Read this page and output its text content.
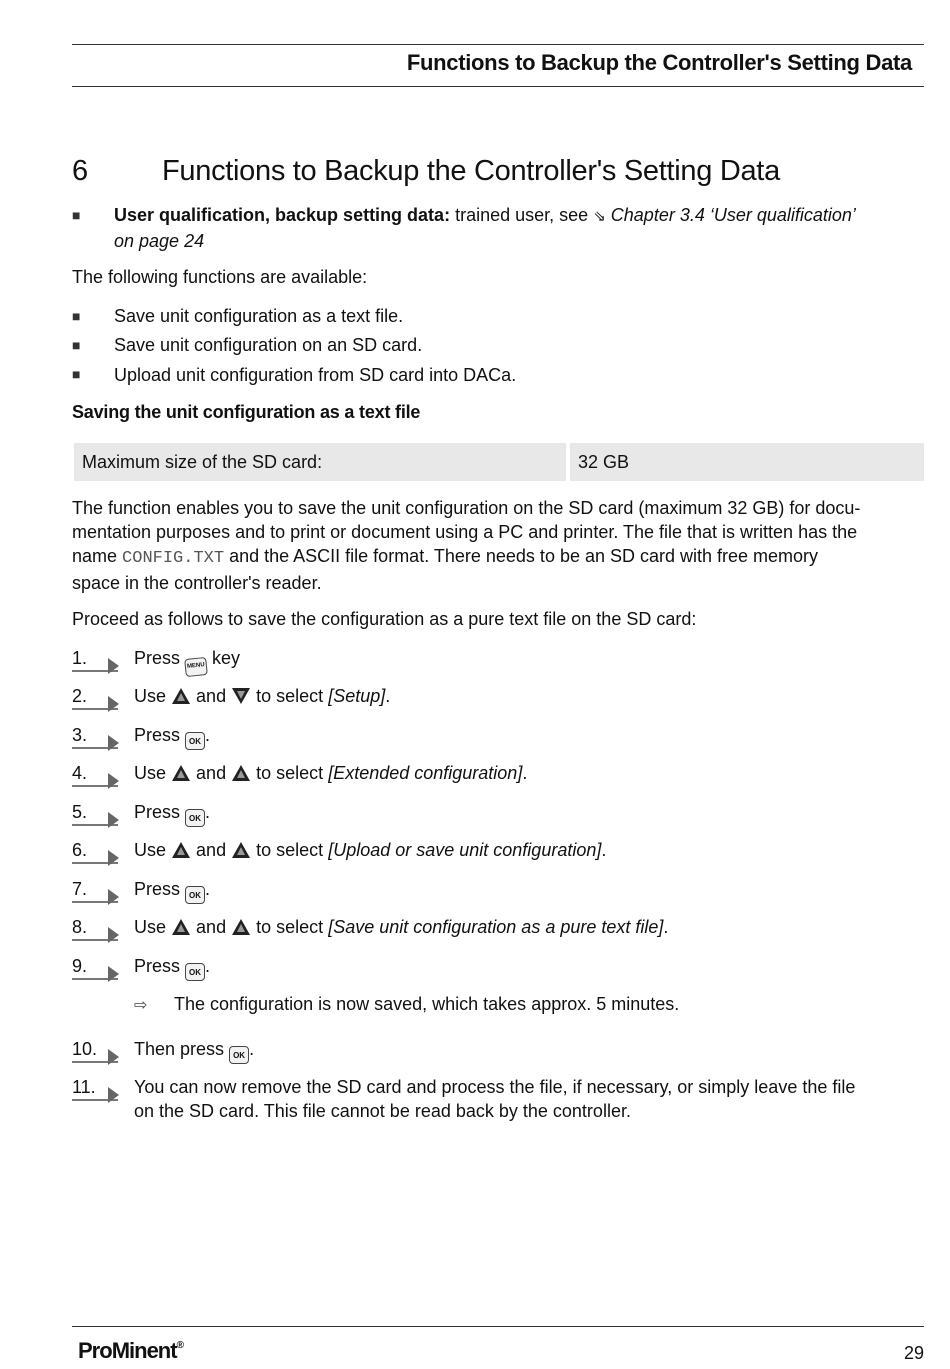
Functions to Backup the Controller's Setting Data
6	Functions to Backup the Controller's Setting Data
■ User qualification, backup setting data: trained user, see ⇘ Chapter 3.4 ‘User qualification’
on page 24
The following functions are available:
■ Save unit configuration as a text file.
■ Save unit configuration on an SD card.
■ Upload unit configuration from SD card into DACa.
Saving the unit configuration as a text file
Maximum size of the SD card:	32 GB
The function enables you to save the unit configuration on the SD card (maximum 32 GB) for docu-
mentation purposes and to print or document using a PC and printer. The file that is written has the
name CONFIG.TXT and the ASCII file format. There needs to be an SD card with free memory
space in the controller's reader.
Proceed as follows to save the configuration as a pure text file on the SD card:
1.	Press MENU key
2.	Use and to select [Setup].
3.	Press OK .
4.	Use and to select [Extended configuration].
5.	Press OK .
6.	Use and to select [Upload or save unit configuration].
7.	Press OK .
8.	Use and to select [Save unit configuration as a pure text file].
9.	Press OK .
⇨ The configuration is now saved, which takes approx. 5 minutes.
10. Then press OK .
11. You can now remove the SD card and process the file, if necessary, or simply leave the file
on the SD card. This file cannot be read back by the controller.
ProMinent®	29
